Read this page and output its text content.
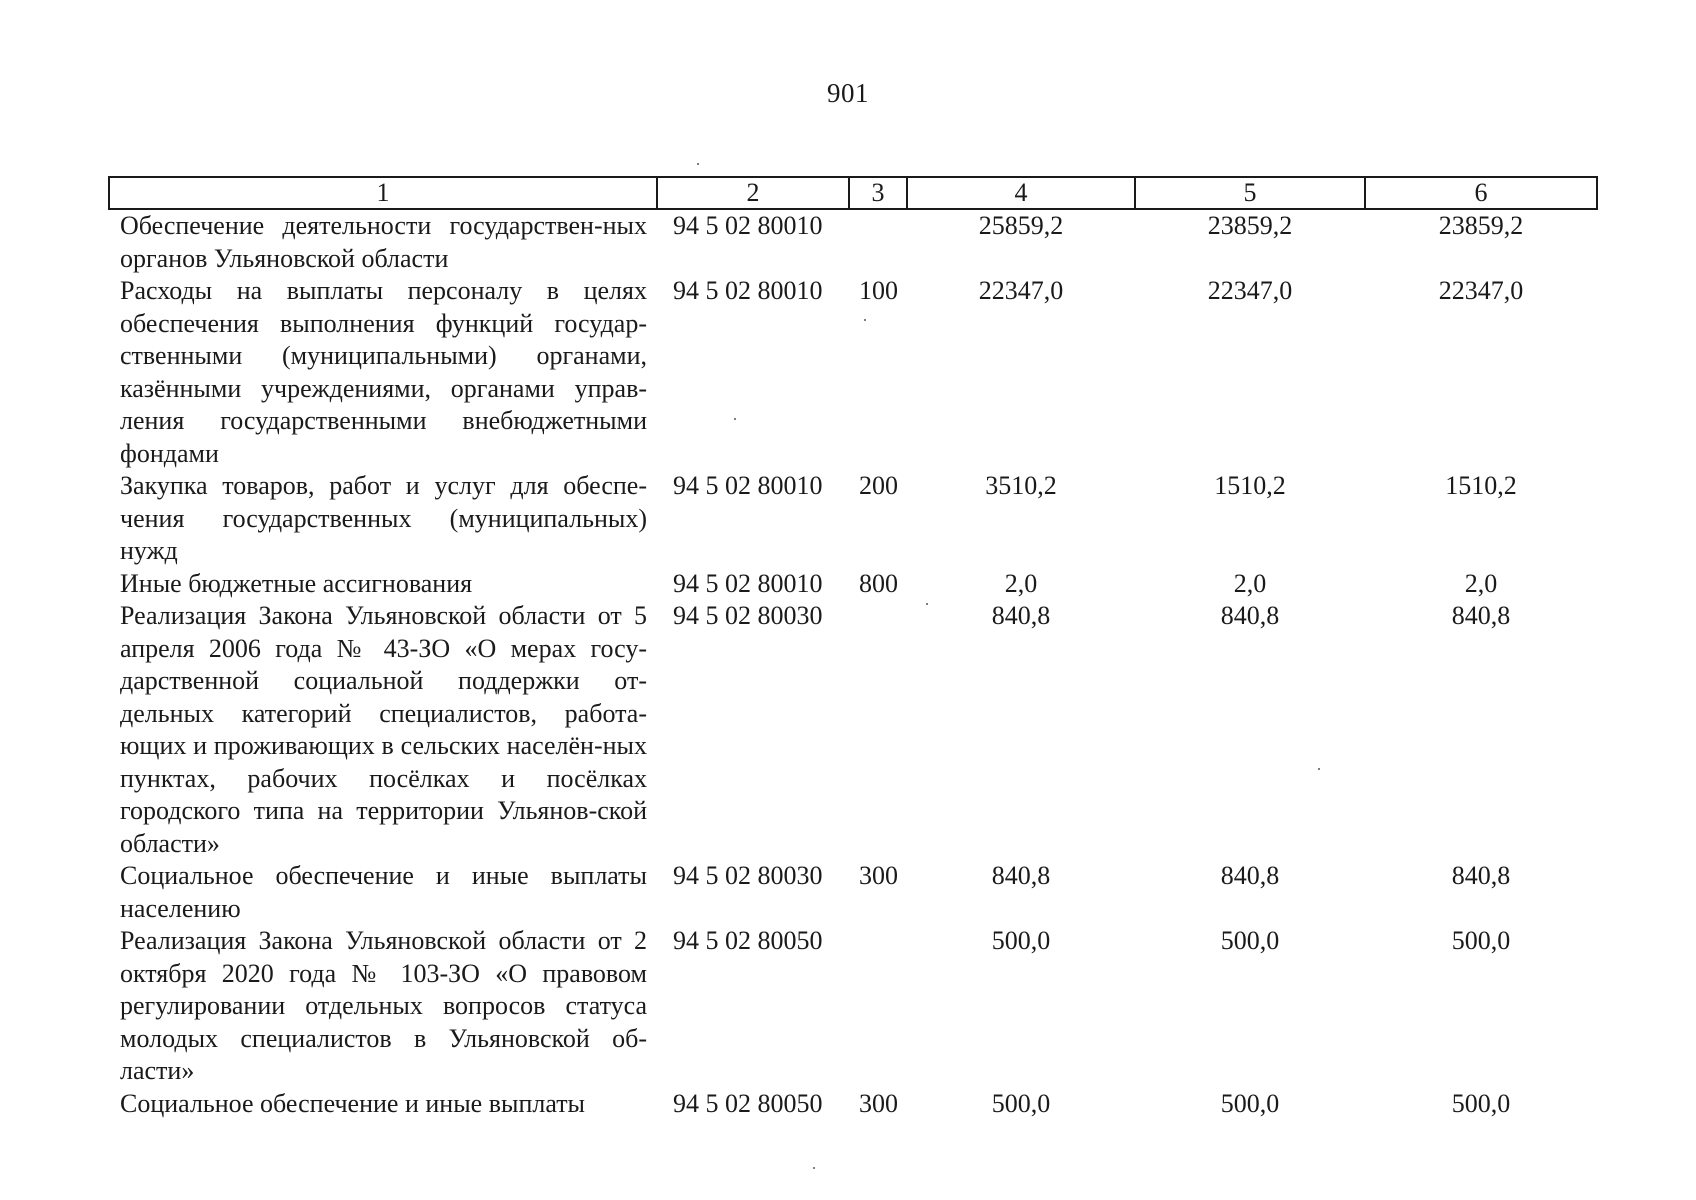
901
1	2	3	4	5	6
Обеспечение деятельности государствен-ных органов Ульяновской области	94 5 02 80010		25859,2	23859,2	23859,2
Расходы на выплаты персоналу в целях обеспечения выполнения функций государ-ственными (муниципальными) органами, казёнными учреждениями, органами управ-ления государственными внебюджетными фондами	94 5 02 80010	100	22347,0	22347,0	22347,0
Закупка товаров, работ и услуг для обеспе-чения государственных (муниципальных) нужд	94 5 02 80010	200	3510,2	1510,2	1510,2
Иные бюджетные ассигнования	94 5 02 80010	800	2,0	2,0	2,0
Реализация Закона Ульяновской области от 5 апреля 2006 года № 43-ЗО «О мерах госу-дарственной социальной поддержки от-дельных категорий специалистов, работа-ющих и проживающих в сельских населён-ных пунктах, рабочих посёлках и посёлках городского типа на территории Ульянов-ской области»	94 5 02 80030		840,8	840,8	840,8
Социальное обеспечение и иные выплаты населению	94 5 02 80030	300	840,8	840,8	840,8
Реализация Закона Ульяновской области от 2 октября 2020 года № 103-ЗО «О правовом регулировании отдельных вопросов статуса молодых специалистов в Ульяновской об-ласти»	94 5 02 80050		500,0	500,0	500,0
Социальное обеспечение и иные выплаты	94 5 02 80050	300	500,0	500,0	500,0
